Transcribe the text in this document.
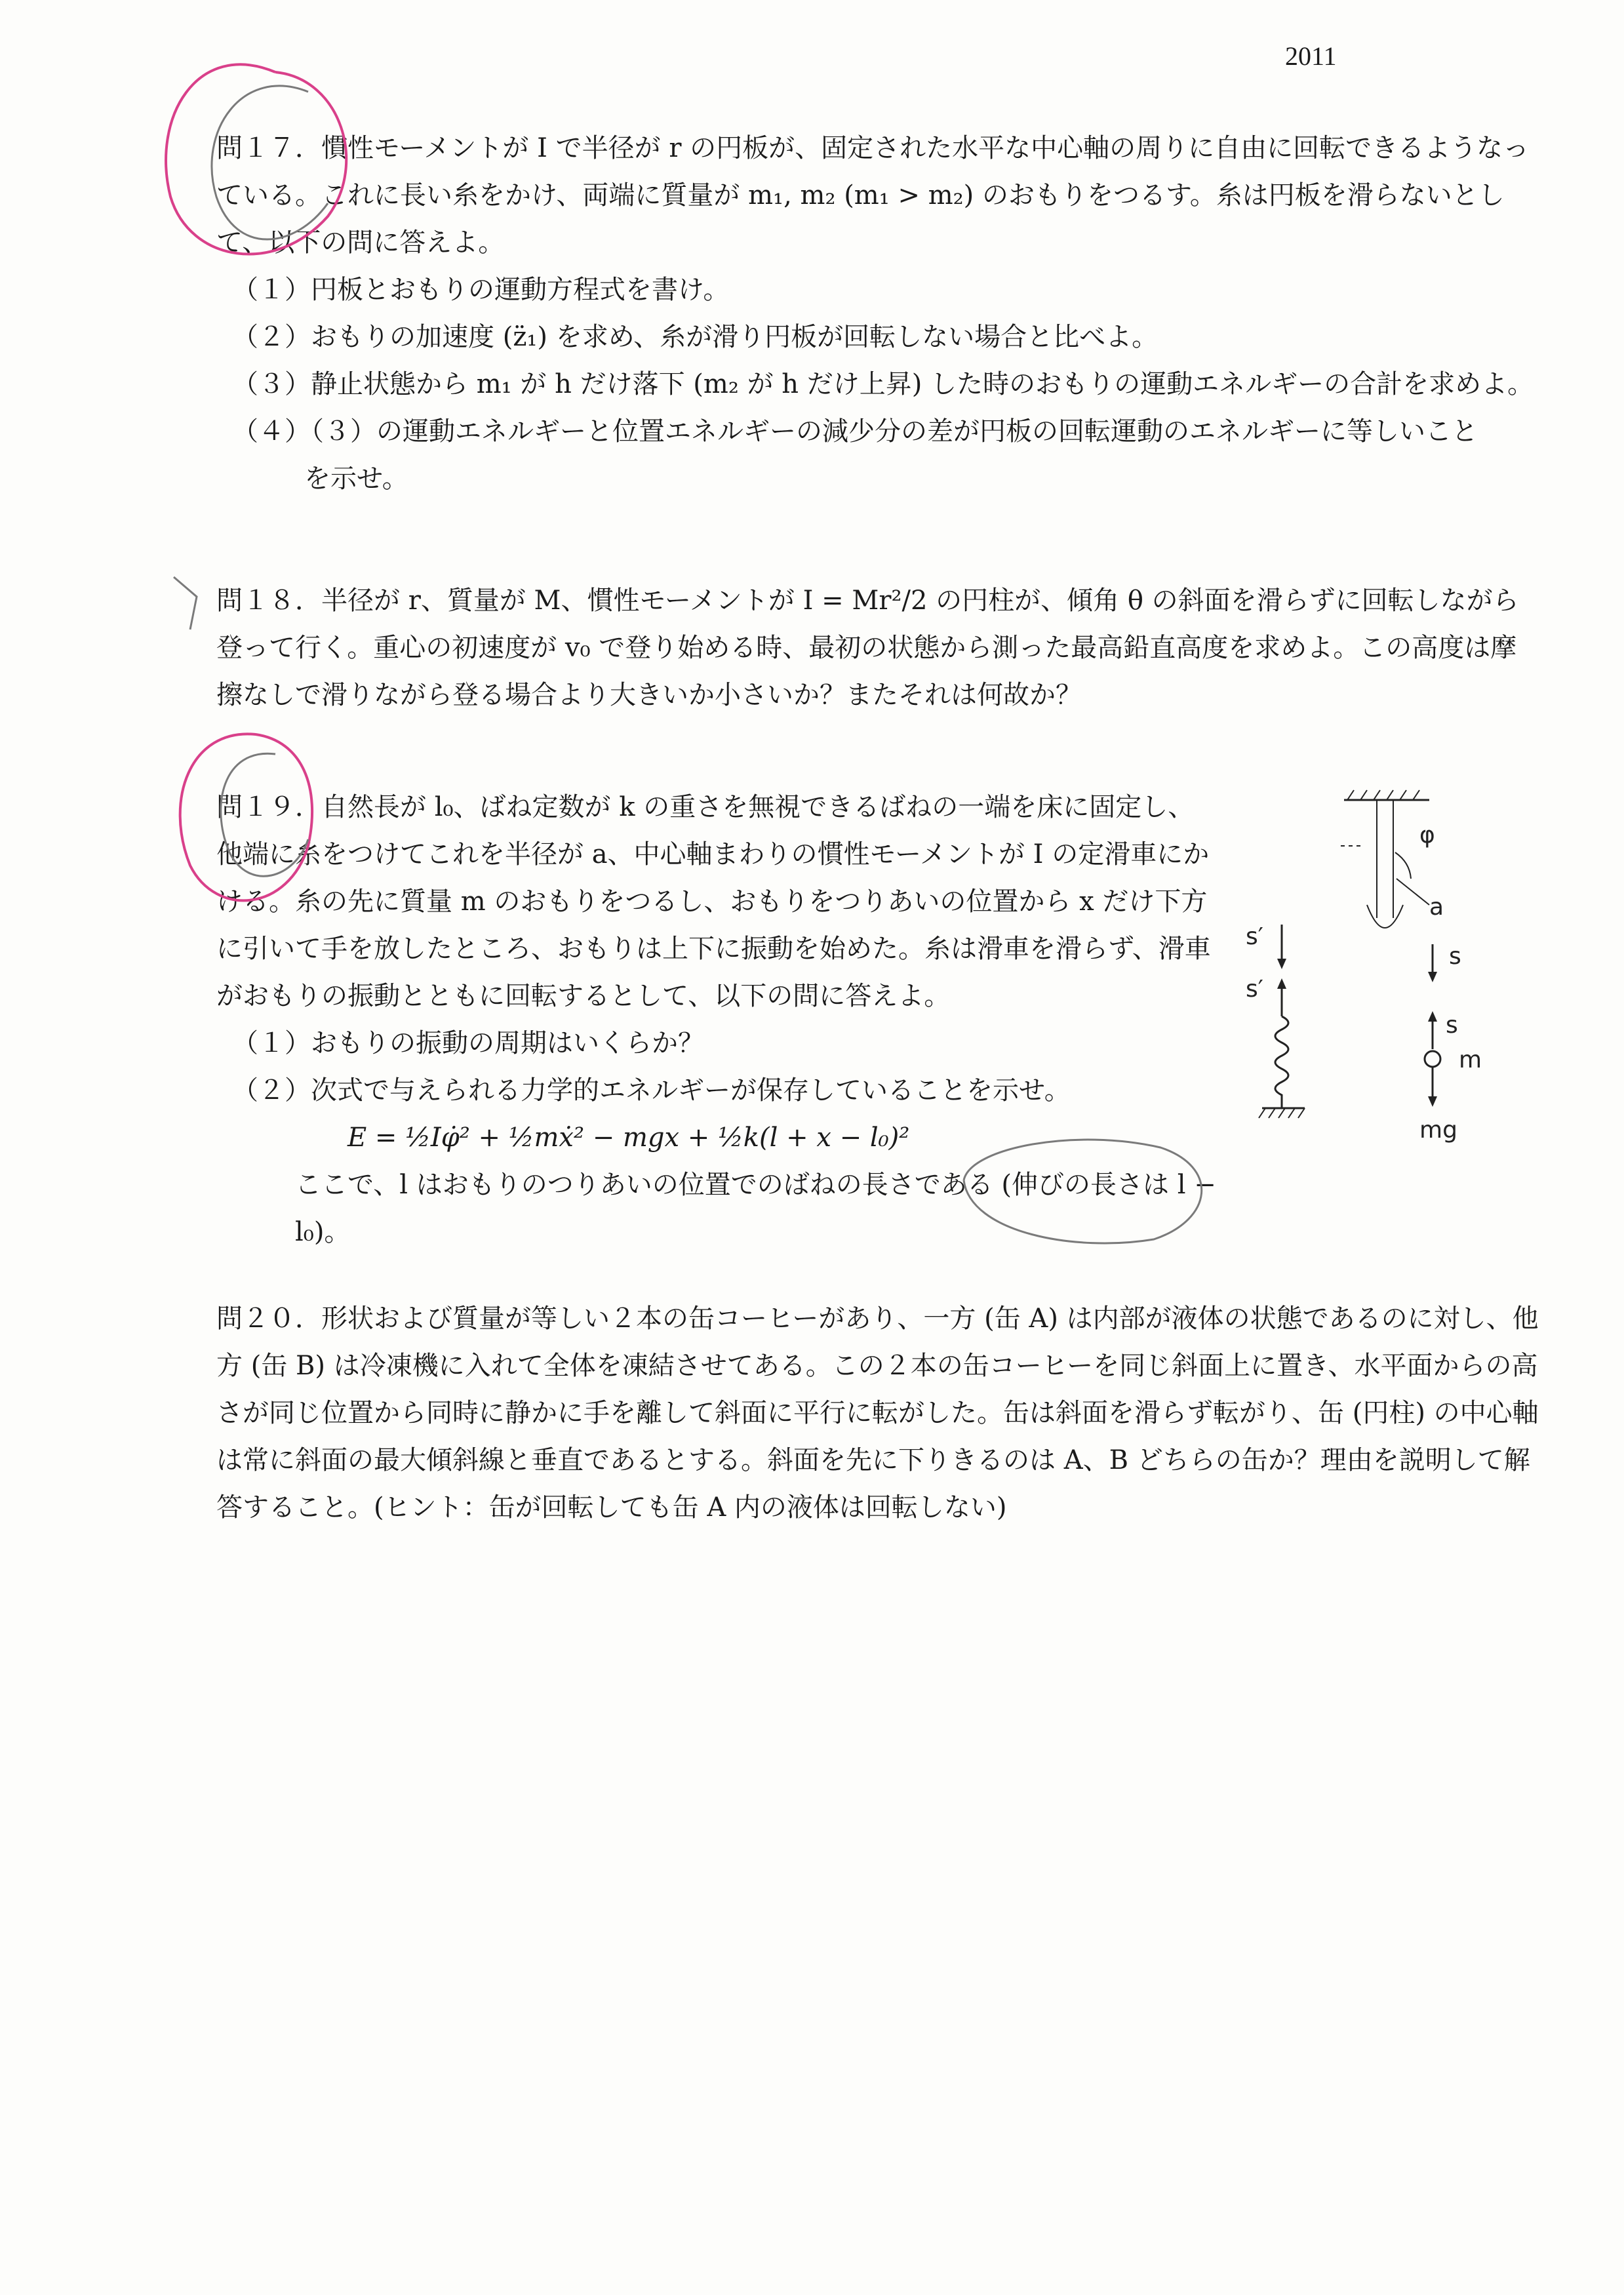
2011

問１７．慣性モーメントが I で半径が r の円板が、固定された水平な中心軸の周りに自由に回転できるようなっている。これに長い糸をかけ、両端に質量が m₁, m₂ (m₁ > m₂) のおもりをつるす。糸は円板を滑らないとして、以下の問に答えよ。

（１）円板とおもりの運動方程式を書け。

（２）おもりの加速度 (z̈₁) を求め、糸が滑り円板が回転しない場合と比べよ。

（３）静止状態から m₁ が h だけ落下 (m₂ が h だけ上昇) した時のおもりの運動エネルギーの合計を求めよ。

（４）（３）の運動エネルギーと位置エネルギーの減少分の差が円板の回転運動のエネルギーに等しいこと
を示せ。

問１８．半径が r、質量が M、慣性モーメントが I = Mr²/2 の円柱が、傾角 θ の斜面を滑らずに回転しながら登って行く。重心の初速度が v₀ で登り始める時、最初の状態から測った最高鉛直高度を求めよ。この高度は摩擦なしで滑りながら登る場合より大きいか小さいか？またそれは何故か？

問１９．自然長が l₀、ばね定数が k の重さを無視できるばねの一端を床に固定し、他端に糸をつけてこれを半径が a、中心軸まわりの慣性モーメントが I の定滑車にかける。糸の先に質量 m のおもりをつるし、おもりをつりあいの位置から x だけ下方に引いて手を放したところ、おもりは上下に振動を始めた。糸は滑車を滑らず、滑車がおもりの振動とともに回転するとして、以下の問に答えよ。

（１）おもりの振動の周期はいくらか？

（２）次式で与えられる力学的エネルギーが保存していることを示せ。

E = ½Iφ̇² + ½mẋ² − mgx + ½k(l + x − l₀)²

ここで、l はおもりのつりあいの位置でのばねの長さである (伸びの長さは l − l₀)。

φ
a
s′
s′
s
s
m
mg

問２０．形状および質量が等しい２本の缶コーヒーがあり、一方 (缶 A) は内部が液体の状態であるのに対し、他方 (缶 B) は冷凍機に入れて全体を凍結させてある。この２本の缶コーヒーを同じ斜面上に置き、水平面からの高さが同じ位置から同時に静かに手を離して斜面に平行に転がした。缶は斜面を滑らず転がり、缶 (円柱) の中心軸は常に斜面の最大傾斜線と垂直であるとする。斜面を先に下りきるのは A、B どちらの缶か？理由を説明して解答すること。(ヒント：缶が回転しても缶 A 内の液体は回転しない)
